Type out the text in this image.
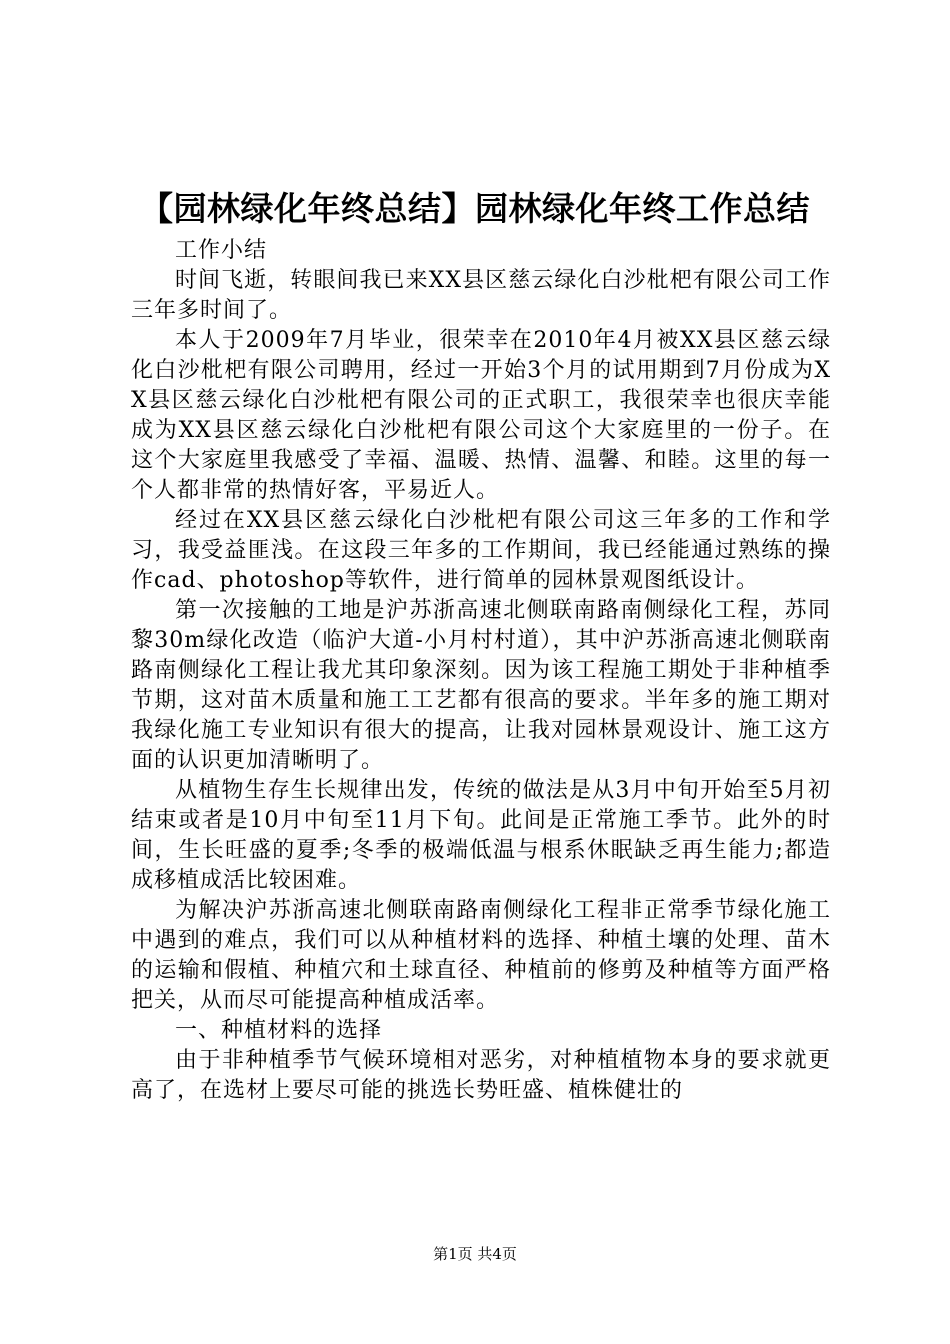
【园林绿化年终总结】园林绿化年终工作总结

工作小结

时间飞逝，转眼间我已来XX县区慈云绿化白沙枇杷有限公司工作三年多时间了。

本人于2009年7月毕业，很荣幸在2010年4月被XX县区慈云绿化白沙枇杷有限公司聘用，经过一开始3个月的试用期到7月份成为XX县区慈云绿化白沙枇杷有限公司的正式职工，我很荣幸也很庆幸能成为XX县区慈云绿化白沙枇杷有限公司这个大家庭里的一份子。在这个大家庭里我感受了幸福、温暖、热情、温馨、和睦。这里的每一个人都非常的热情好客，平易近人。

经过在XX县区慈云绿化白沙枇杷有限公司这三年多的工作和学习，我受益匪浅。在这段三年多的工作期间，我已经能通过熟练的操作cad、photoshop等软件，进行简单的园林景观图纸设计。

第一次接触的工地是沪苏浙高速北侧联南路南侧绿化工程，苏同黎30m绿化改造（临沪大道-小月村村道），其中沪苏浙高速北侧联南路南侧绿化工程让我尤其印象深刻。因为该工程施工期处于非种植季节期，这对苗木质量和施工工艺都有很高的要求。半年多的施工期对我绿化施工专业知识有很大的提高，让我对园林景观设计、施工这方面的认识更加清晰明了。

从植物生存生长规律出发，传统的做法是从3月中旬开始至5月初结束或者是10月中旬至11月下旬。此间是正常施工季节。此外的时间，生长旺盛的夏季;冬季的极端低温与根系休眠缺乏再生能力;都造成移植成活比较困难。

为解决沪苏浙高速北侧联南路南侧绿化工程非正常季节绿化施工中遇到的难点，我们可以从种植材料的选择、种植土壤的处理、苗木的运输和假植、种植穴和土球直径、种植前的修剪及种植等方面严格把关，从而尽可能提高种植成活率。

一、种植材料的选择

由于非种植季节气候环境相对恶劣，对种植植物本身的要求就更高了，在选材上要尽可能的挑选长势旺盛、植株健壮的

第1页 共4页
